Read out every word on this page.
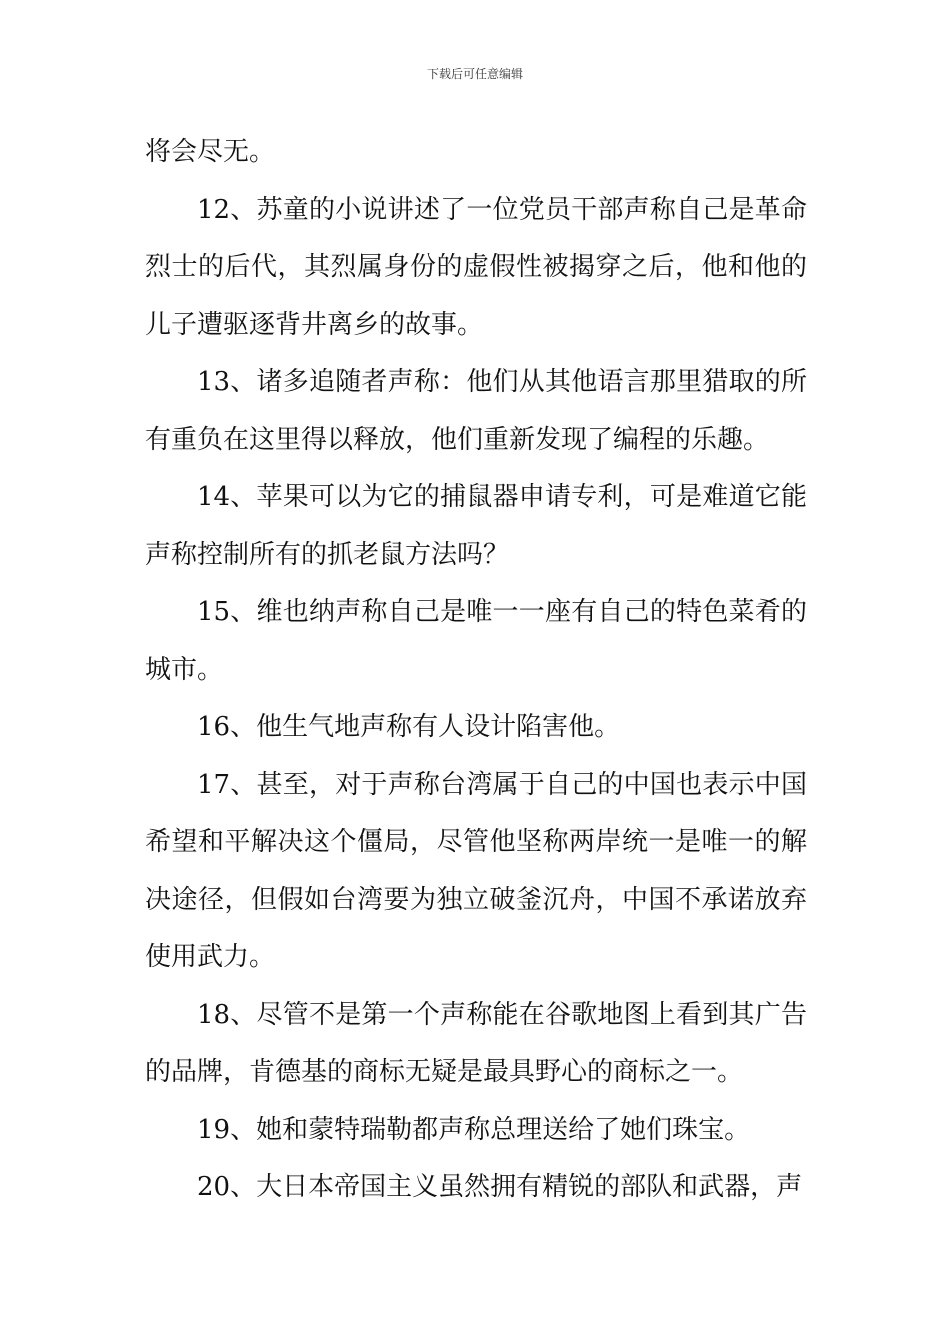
下载后可任意编辑

将会尽无。

12、苏童的小说讲述了一位党员干部声称自己是革命烈士的后代，其烈属身份的虚假性被揭穿之后，他和他的儿子遭驱逐背井离乡的故事。

13、诸多追随者声称：他们从其他语言那里猎取的所有重负在这里得以释放，他们重新发现了编程的乐趣。

14、苹果可以为它的捕鼠器申请专利，可是难道它能声称控制所有的抓老鼠方法吗？

15、维也纳声称自己是唯一一座有自己的特色菜肴的城市。

16、他生气地声称有人设计陷害他。

17、甚至，对于声称台湾属于自己的中国也表示中国希望和平解决这个僵局，尽管他坚称两岸统一是唯一的解决途径，但假如台湾要为独立破釜沉舟，中国不承诺放弃使用武力。

18、尽管不是第一个声称能在谷歌地图上看到其广告的品牌，肯德基的商标无疑是最具野心的商标之一。

19、她和蒙特瑞勒都声称总理送给了她们珠宝。

20、大日本帝国主义虽然拥有精锐的部队和武器，声
